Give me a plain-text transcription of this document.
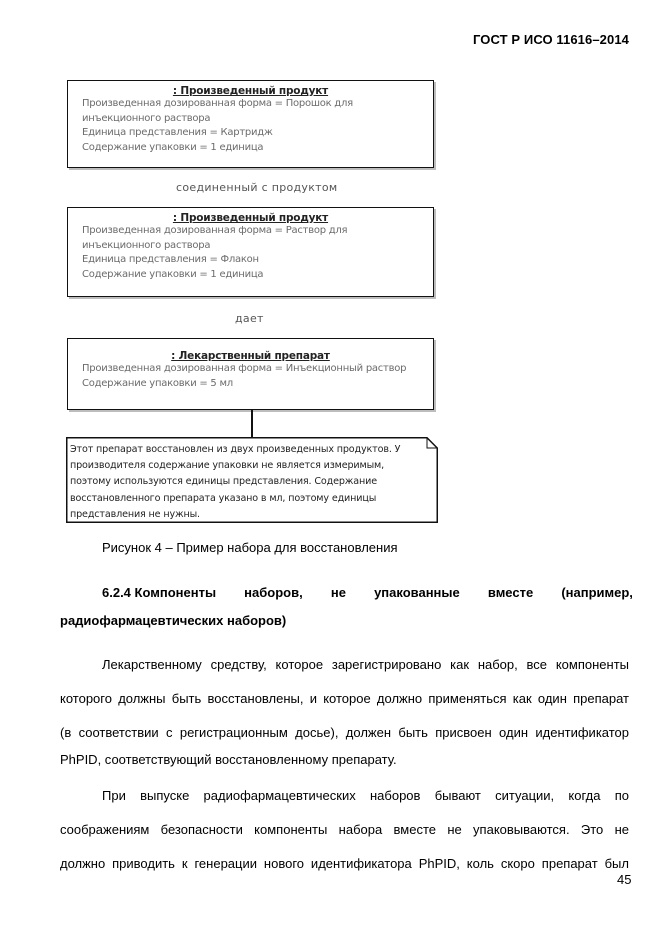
ГОСТ Р ИСО 11616–2014
: Произведенный продукт
Произведенная дозированная форма = Порошок для
инъекционного раствора
Единица представления = Картридж
Содержание упаковки = 1 единица
соединенный с продуктом
: Произведенный продукт
Произведенная дозированная форма = Раствор для
инъекционного раствора
Единица представления = Флакон
Содержание упаковки = 1 единица
дает
: Лекарственный препарат
Произведенная дозированная форма = Инъекционный раствор
Содержание упаковки = 5 мл
Этот препарат восстановлен из двух произведенных продуктов. У
производителя содержание упаковки не является измеримым,
поэтому используются единицы представления. Содержание
восстановленного препарата указано в мл, поэтому единицы
представления не нужны.
Рисунок 4 – Пример набора для восстановления
6.2.4 Компоненты наборов, не упакованные вместе (например,
радиофармацевтических наборов)
Лекарственному средству, которое зарегистрировано как набор, все компоненты
которого должны быть восстановлены, и которое должно применяться как один препарат
(в соответствии с регистрационным досье), должен быть присвоен один идентификатор
PhPID, соответствующий восстановленному препарату.
При выпуске радиофармацевтических наборов бывают ситуации, когда по
соображениям безопасности компоненты набора вместе не упаковываются. Это не
должно приводить к генерации нового идентификатора PhPID, коль скоро препарат был
45
